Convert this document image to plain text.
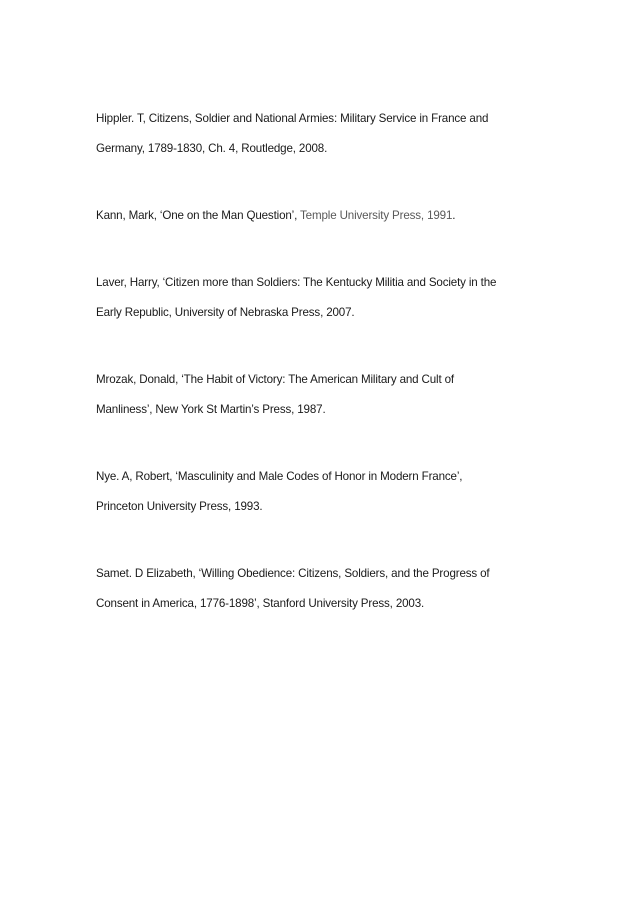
Hippler. T, Citizens, Soldier and National Armies: Military Service in France and
Germany, 1789-1830, Ch. 4, Routledge, 2008.
Kann, Mark, ‘One on the Man Question’, Temple University Press, 1991.
Laver, Harry, ‘Citizen more than Soldiers: The Kentucky Militia and Society in the
Early Republic, University of Nebraska Press, 2007.
Mrozak, Donald, ‘The Habit of Victory: The American Military and Cult of
Manliness’, New York St Martin’s Press, 1987.
Nye. A, Robert, ‘Masculinity and Male Codes of Honor in Modern France’,
Princeton University Press, 1993.
Samet. D Elizabeth, ‘Willing Obedience: Citizens, Soldiers, and the Progress of
Consent in America, 1776-1898’, Stanford University Press, 2003.
